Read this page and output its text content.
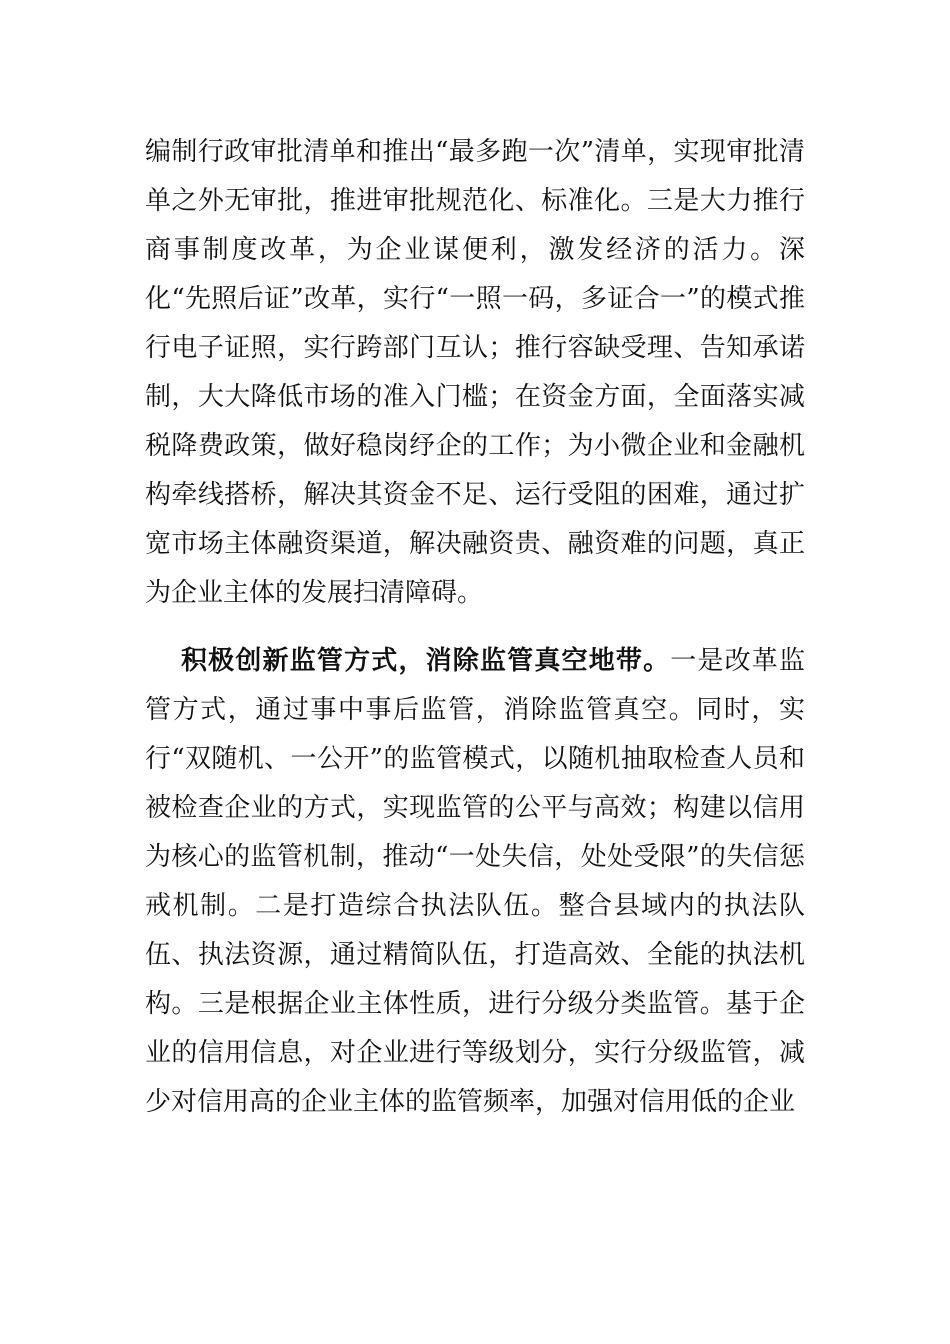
编制行政审批清单和推出“最多跑一次”清单，实现审批清单之外无审批，推进审批规范化、标准化。三是大力推行商事制度改革，为企业谋便利，激发经济的活力。深化“先照后证”改革，实行“一照一码，多证合一”的模式推行电子证照，实行跨部门互认；推行容缺受理、告知承诺制，大大降低市场的准入门槛；在资金方面，全面落实减税降费政策，做好稳岗纾企的工作；为小微企业和金融机构牵线搭桥，解决其资金不足、运行受阻的困难，通过扩宽市场主体融资渠道，解决融资贵、融资难的问题，真正为企业主体的发展扫清障碍。

积极创新监管方式，消除监管真空地带。一是改革监管方式，通过事中事后监管，消除监管真空。同时，实行“双随机、一公开”的监管模式，以随机抽取检查人员和被检查企业的方式，实现监管的公平与高效；构建以信用为核心的监管机制，推动“一处失信，处处受限”的失信惩戒机制。二是打造综合执法队伍。整合县域内的执法队伍、执法资源，通过精简队伍，打造高效、全能的执法机构。三是根据企业主体性质，进行分级分类监管。基于企业的信用信息，对企业进行等级划分，实行分级监管，减少对信用高的企业主体的监管频率，加强对信用低的企业
